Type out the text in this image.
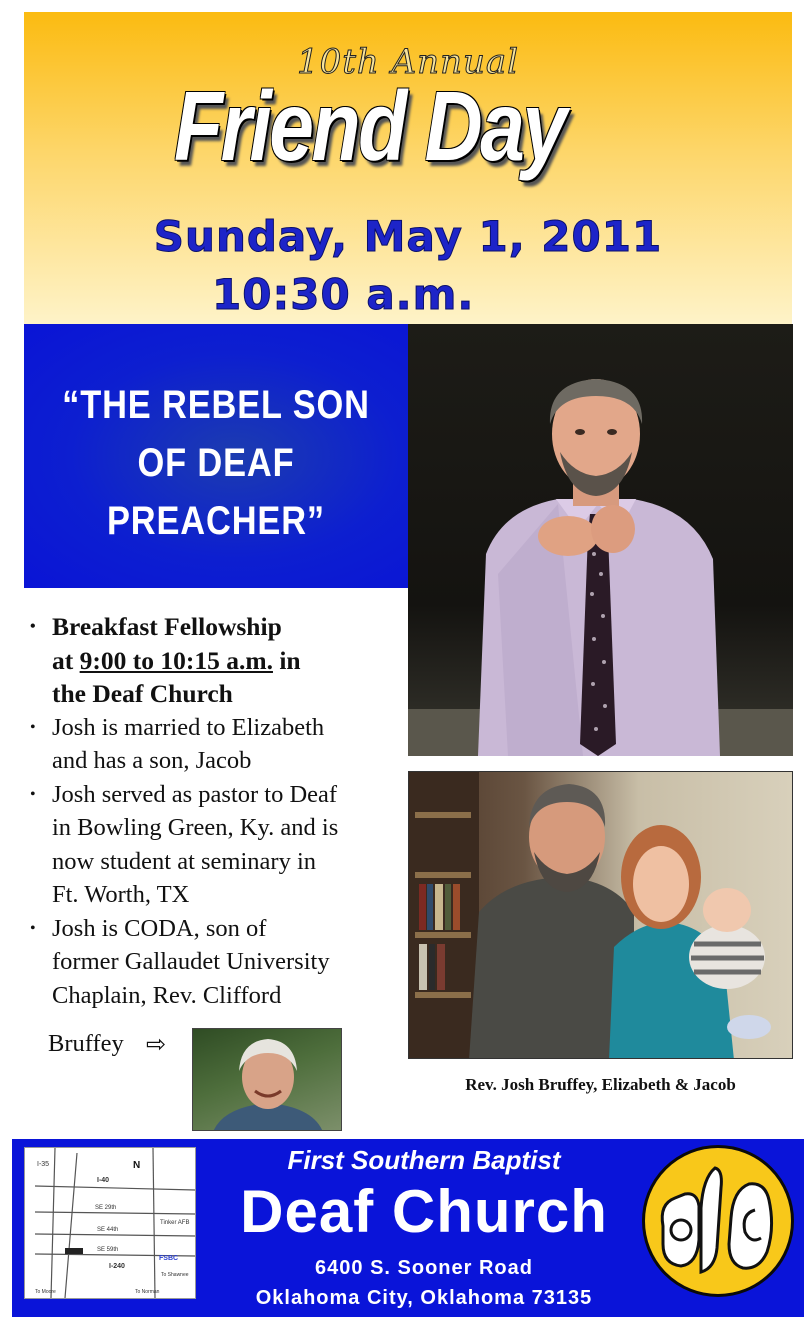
Friend Day
10th Annual
Sunday, May 1, 2011
10:30 a.m.
“THE REBEL SON
OF DEAF
PREACHER”
Rev. Josh Bruffey, Elizabeth & Jacob
• Breakfast Fellowship
at 9:00 to 10:15 a.m. in
the Deaf Church
• Josh is married to Elizabeth
and has a son, Jacob
• Josh served as pastor to Deaf
in Bowling Green, Ky. and is
now student at seminary in
Ft. Worth, TX
• Josh is CODA, son of
former Gallaudet University
Chaplain, Rev. Clifford
Bruffey ⇨
I-35	N
I-40
SE 29th
SE 44th
SE 59th
I-240
Tinker AFB
FSBC
To Moore	To Norman
To Shawnee
First Southern Baptist
Deaf Church
6400 S. Sooner Road
Oklahoma City, Oklahoma 73135
